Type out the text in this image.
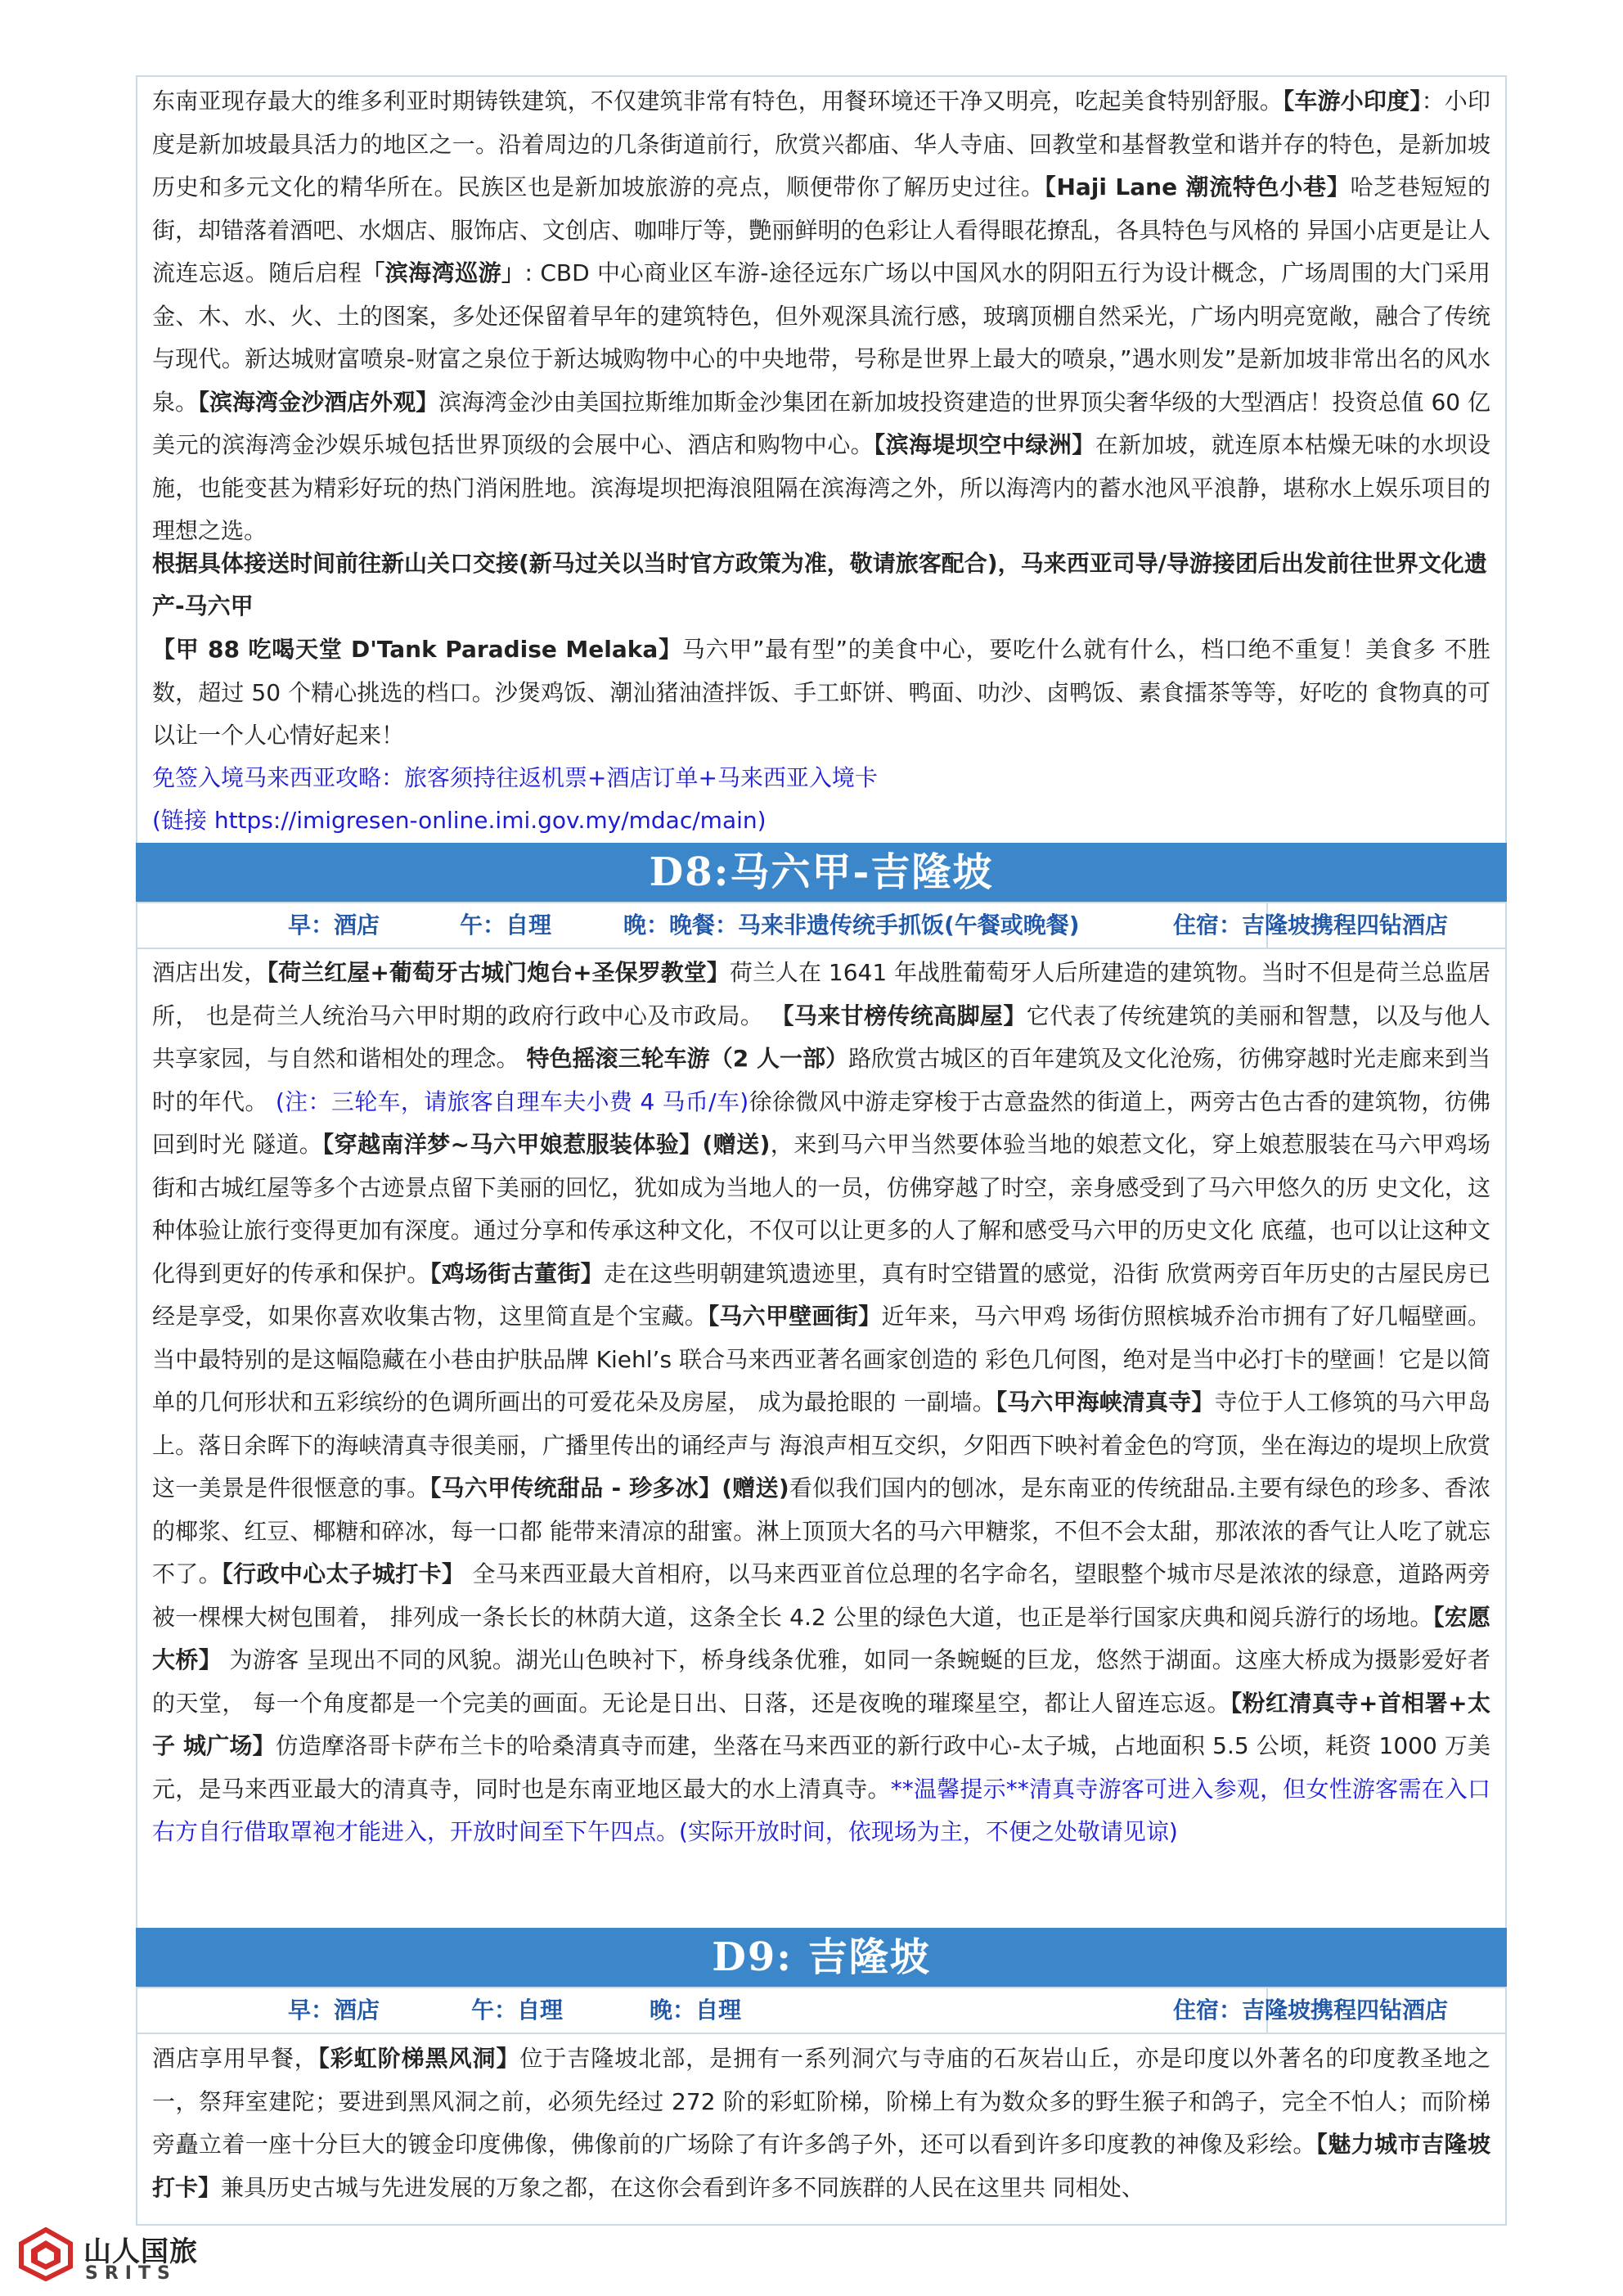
东南亚现存最大的维多利亚时期铸铁建筑，不仅建筑非常有特色，用餐环境还干净又明亮，吃起美食特别舒服。【车游小印度】：小印度是新加坡最具活力的地区之一。沿着周边的几条街道前行，欣赏兴都庙、华人寺庙、回教堂和基督教堂和谐并存的特色，是新加坡历史和多元文化的精华所在。民族区也是新加坡旅游的亮点，顺便带你了解历史过往。【Haji Lane 潮流特色小巷】哈芝巷短短的街，却错落着酒吧、水烟店、服饰店、文创店、咖啡厅等，艷丽鲜明的色彩让人看得眼花撩乱，各具特色与风格的 异国小店更是让人流连忘返。随后启程「滨海湾巡游」: CBD 中心商业区车游-途径远东广场以中国风水的阴阳五行为设计概念，广场周围的大门采用金、木、水、火、土的图案，多处还保留着早年的建筑特色，但外观深具流行感，玻璃顶棚自然采光，广场内明亮宽敞，融合了传统与现代。新达城财富喷泉-财富之泉位于新达城购物中心的中央地带，号称是世界上最大的喷泉，”遇水则发”是新加坡非常出名的风水泉。【滨海湾金沙酒店外观】滨海湾金沙由美国拉斯维加斯金沙集团在新加坡投资建造的世界顶尖奢华级的大型酒店！投资总值 60 亿美元的滨海湾金沙娱乐城包括世界顶级的会展中心、酒店和购物中心。【滨海堤坝空中绿洲】在新加坡，就连原本枯燥无味的水坝设施，也能变甚为精彩好玩的热门消闲胜地。滨海堤坝把海浪阻隔在滨海湾之外，所以海湾内的蓄水池风平浪静，堪称水上娱乐项目的理想之选。

根据具体接送时间前往新山关口交接(新马过关以当时官方政策为准，敬请旅客配合)，马来西亚司导/导游接团后出发前往世界文化遗产-马六甲

【甲 88 吃喝天堂 D'Tank Paradise Melaka】马六甲”最有型”的美食中心，要吃什么就有什么，档口绝不重复！美食多 不胜数，超过 50 个精心挑选的档口。沙煲鸡饭、潮汕猪油渣拌饭、手工虾饼、鸭面、叻沙、卤鸭饭、素食擂茶等等，好吃的 食物真的可以让一个人心情好起来！

免签入境马来西亚攻略：旅客须持往返机票+酒店订单+马来西亚入境卡

(链接 https://imigresen-online.imi.gov.my/mdac/main)

D8:马六甲-吉隆坡
早：酒店	午：自理	晚：晚餐：马来非遗传统手抓饭(午餐或晚餐)	住宿：吉隆坡携程四钻酒店

酒店出发，【荷兰红屋+葡萄牙古城门炮台+圣保罗教堂】荷兰人在 1641 年战胜葡萄牙人后所建造的建筑物。当时不但是荷兰总监居所， 也是荷兰人统治马六甲时期的政府行政中心及市政局。 【马来甘榜传统高脚屋】它代表了传统建筑的美丽和智慧，以及与他人共享家园，与自然和谐相处的理念。 特色摇滚三轮车游（2 人一部）路欣赏古城区的百年建筑及文化沧殇，彷佛穿越时光走廊来到当时的年代。 (注：三轮车，请旅客自理车夫小费 4 马币/车)徐徐微风中游走穿梭于古意盎然的街道上，两旁古色古香的建筑物，彷佛回到时光 隧道。【穿越南洋梦~马六甲娘惹服装体验】(赠送)，来到马六甲当然要体验当地的娘惹文化，穿上娘惹服装在马六甲鸡场 街和古城红屋等多个古迹景点留下美丽的回忆，犹如成为当地人的一员，仿佛穿越了时空，亲身感受到了马六甲悠久的历 史文化，这种体验让旅行变得更加有深度。通过分享和传承这种文化，不仅可以让更多的人了解和感受马六甲的历史文化 底蕴，也可以让这种文化得到更好的传承和保护。【鸡场街古董街】走在这些明朝建筑遗迹里，真有时空错置的感觉，沿街 欣赏两旁百年历史的古屋民房已经是享受，如果你喜欢收集古物，这里简直是个宝藏。【马六甲壁画街】近年来，马六甲鸡 场街仿照槟城乔治市拥有了好几幅壁画。当中最特别的是这幅隐藏在小巷由护肤品牌 Kiehl’s 联合马来西亚著名画家创造的 彩色几何图，绝对是当中必打卡的壁画！它是以简单的几何形状和五彩缤纷的色调所画出的可爱花朵及房屋， 成为最抢眼的 一副墙。【马六甲海峡清真寺】寺位于人工修筑的马六甲岛上。落日余晖下的海峡清真寺很美丽，广播里传出的诵经声与 海浪声相互交织，夕阳西下映衬着金色的穹顶，坐在海边的堤坝上欣赏这一美景是件很惬意的事。【马六甲传统甜品 - 珍多冰】(赠送)看似我们国内的刨冰，是东南亚的传统甜品.主要有绿色的珍多、香浓的椰浆、红豆、椰糖和碎冰，每一口都 能带来清凉的甜蜜。淋上顶顶大名的马六甲糖浆，不但不会太甜，那浓浓的香气让人吃了就忘不了。【行政中心太子城打卡】 全马来西亚最大首相府，以马来西亚首位总理的名字命名，望眼整个城市尽是浓浓的绿意，道路两旁被一棵棵大树包围着， 排列成一条长长的林荫大道，这条全长 4.2 公里的绿色大道，也正是举行国家庆典和阅兵游行的场地。【宏愿大桥】 为游客 呈现出不同的风貌。湖光山色映衬下，桥身线条优雅，如同一条蜿蜒的巨龙，悠然于湖面。这座大桥成为摄影爱好者的天堂， 每一个角度都是一个完美的画面。无论是日出、日落，还是夜晚的璀璨星空，都让人留连忘返。【粉红清真寺+首相署+太子 城广场】仿造摩洛哥卡萨布兰卡的哈桑清真寺而建，坐落在马来西亚的新行政中心-太子城，占地面积 5.5 公顷，耗资 1000 万美元，是马来西亚最大的清真寺，同时也是东南亚地区最大的水上清真寺。**温馨提示**清真寺游客可进入参观，但女性游客需在入口右方自行借取罩袍才能进入，开放时间至下午四点。(实际开放时间，依现场为主，不便之处敬请见谅)

D9: 吉隆坡
早：酒店	午：自理	晚：自理	住宿：吉隆坡携程四钻酒店

酒店享用早餐，【彩虹阶梯黑风洞】位于吉隆坡北部，是拥有一系列洞穴与寺庙的石灰岩山丘，亦是印度以外著名的印度教圣地之一，祭拜室建陀；要进到黑风洞之前，必须先经过 272 阶的彩虹阶梯，阶梯上有为数众多的野生猴子和鸽子，完全不怕人；而阶梯旁矗立着一座十分巨大的镀金印度佛像，佛像前的广场除了有许多鸽子外，还可以看到许多印度教的神像及彩绘。【魅力城市吉隆坡打卡】兼具历史古城与先进发展的万象之都，在这你会看到许多不同族群的人民在这里共 同相处、

山人国旅
SRITS
